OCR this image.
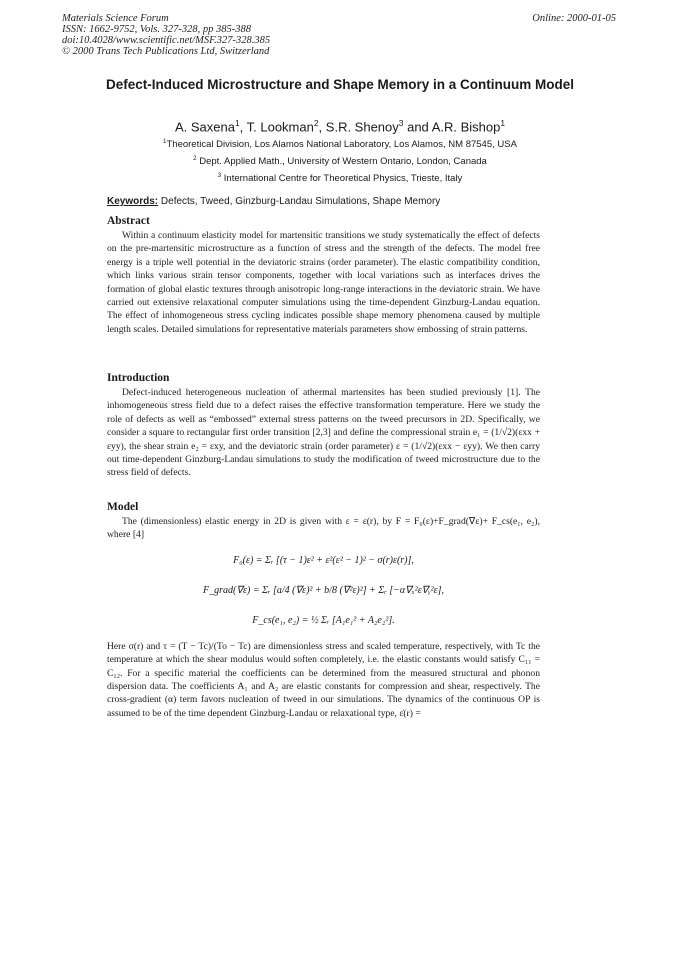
Materials Science Forum
ISSN: 1662-9752, Vols. 327-328, pp 385-388
doi:10.4028/www.scientific.net/MSF.327-328.385
© 2000 Trans Tech Publications Ltd, Switzerland
Online: 2000-01-05
Defect-Induced Microstructure and Shape Memory in a Continuum Model
A. Saxena$^1$, T. Lookman$^2$, S.R. Shenoy$^3$ and A.R. Bishop$^1$
$^1$Theoretical Division, Los Alamos National Laboratory, Los Alamos, NM 87545, USA
$^2$ Dept. Applied Math., University of Western Ontario, London, Canada
$^3$ International Centre for Theoretical Physics, Trieste, Italy
Keywords: Defects, Tweed, Ginzburg-Landau Simulations, Shape Memory
Abstract

Within a continuum elasticity model for martensitic transitions we study systematically the effect of defects on the pre-martensitic microstructure as a function of stress and the strength of the defects. The model free energy is a triple well potential in the deviatoric strains (order parameter). The elastic compatibility condition, which links various strain tensor components, together with local variations such as interfaces drives the formation of global elastic textures through anisotropic long-range interactions in the deviatoric strain. We have carried out extensive relaxational computer simulations using the time-dependent Ginzburg-Landau equation. The effect of inhomogeneous stress cycling indicates possible shape memory phenomena caused by multiple length scales. Detailed simulations for representative materials parameters show embossing of strain patterns.

Introduction

Defect-induced heterogeneous nucleation of athermal martensites has been studied previously [1]. The inhomogeneous stress field due to a defect raises the effective transformation temperature. Here we study the role of defects as well as “embossed” external stress patterns on the tweed precursors in 2D. Specifically, we consider a square to rectangular first order transition [2,3] and define the compressional strain e₁ = (1/√2)(εxx + εyy), the shear strain e₂ = εxy, and the deviatoric strain (order parameter) ε = (1/√2)(εxx − εyy). We then carry out time-dependent Ginzburg-Landau simulations to study the modification of tweed microstructure due to the stress field of defects.

Model

The (dimensionless) elastic energy in 2D is given with ε = ε(r), by F = F₀(ε)+F_grad(∇ε)+ F_cs(e₁, e₂), where [4]

F₀(ε) = Σᵣ [(τ − 1)ε² + ε²(ε² − 1)² − σ(r)ε(r)],
F_grad(∇ε) = Σᵣ [a/4 (∇ε)² + b/8 (∇²ε)²] + Σᵣ [−α∇ₓ²ε∇ᵧ²ε],
F_cs(e₁, e₂) = ½ Σᵣ [A₁e₁² + A₂e₂²].

Here σ(r) and τ = (T − Tc)/(To − Tc) are dimensionless stress and scaled temperature, respectively, with Tc the temperature at which the shear modulus would soften completely, i.e. the elastic constants would satisfy C₁₁ = C₁₂. For a specific material the coefficients can be determined from the measured structural and phonon dispersion data. The coefficients A₁ and A₂ are elastic constants for compression and shear, respectively. The cross-gradient (α) term favors nucleation of tweed in our simulations. The dynamics of the continuous OP is assumed to be of the time dependent Ginzburg-Landau or relaxational type, ε̇(r) =
